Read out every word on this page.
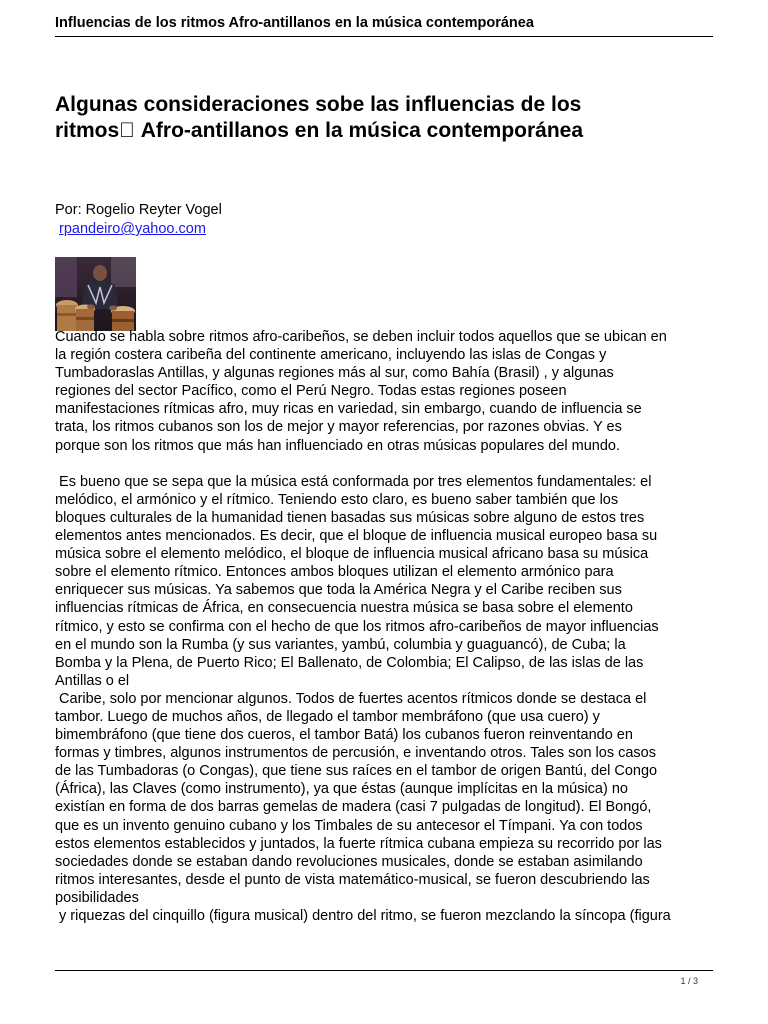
Influencias de los ritmos Afro-antillanos en la música contemporánea
Algunas consideraciones sobe las influencias de los
ritmos Afro-antillanos en la música contemporánea
Por: Rogelio Reyter Vogel
rpandeiro@yahoo.com
Cuando se habla sobre ritmos afro-caribeños, se deben incluir todos aquellos que se ubican en
la región costera caribeña del continente americano, incluyendo las islas de Congas y
Tumbadoraslas Antillas, y algunas regiones más al sur, como Bahía (Brasil) , y algunas
regiones del sector Pacífico, como el Perú Negro. Todas estas regiones poseen
manifestaciones rítmicas afro, muy ricas en variedad, sin embargo, cuando de influencia se
trata, los ritmos cubanos son los de mejor y mayor referencias, por razones obvias. Y es
porque son los ritmos que más han influenciado en otras músicas populares del mundo.
Es bueno que se sepa que la música está conformada por tres elementos fundamentales: el
melódico, el armónico y el rítmico. Teniendo esto claro, es bueno saber también que los
bloques culturales de la humanidad tienen basadas sus músicas sobre alguno de estos tres
elementos antes mencionados. Es decir, que el bloque de influencia musical europeo basa su
música sobre el elemento melódico, el bloque de influencia musical africano basa su música
sobre el elemento rítmico. Entonces ambos bloques utilizan el elemento armónico para
enriquecer sus músicas. Ya sabemos que toda la América Negra y el Caribe reciben sus
influencias rítmicas de África, en consecuencia nuestra música se basa sobre el elemento
rítmico, y esto se confirma con el hecho de que los ritmos afro-caribeños de mayor influencias
en el mundo son la Rumba (y sus variantes, yambú, columbia y guaguancó), de Cuba; la
Bomba y la Plena, de Puerto Rico; El Ballenato, de Colombia; El Calipso, de las islas de las
Antillas o el
Caribe, solo por mencionar algunos. Todos de fuertes acentos rítmicos donde se destaca el
tambor. Luego de muchos años, de llegado el tambor membráfono (que usa cuero) y
bimembráfono (que tiene dos cueros, el tambor Batá) los cubanos fueron reinventando en
formas y timbres, algunos instrumentos de percusión, e inventando otros. Tales son los casos
de las Tumbadoras (o Congas), que tiene sus raíces en el tambor de origen Bantú, del Congo
(África), las Claves (como instrumento), ya que éstas (aunque implícitas en la música) no
existían en forma de dos barras gemelas de madera (casi 7 pulgadas de longitud). El Bongó,
que es un invento genuino cubano y los Timbales de su antecesor el Tímpani. Ya con todos
estos elementos establecidos y juntados, la fuerte rítmica cubana empieza su recorrido por las
sociedades donde se estaban dando revoluciones musicales, donde se estaban asimilando
ritmos interesantes, desde el punto de vista matemático-musical, se fueron descubriendo las
posibilidades
y riquezas del cinquillo (figura musical) dentro del ritmo, se fueron mezclando la síncopa (figura
1 / 3
